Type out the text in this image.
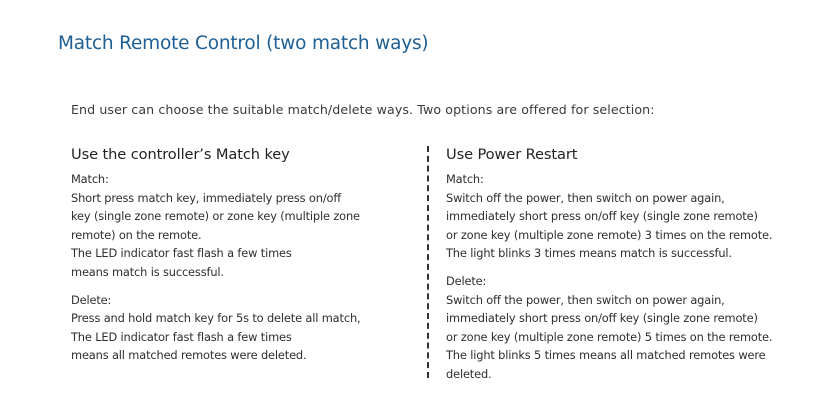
Match Remote Control (two match ways)
End user can choose the suitable match/delete ways. Two options are offered for selection:
Use the controller’s Match key
Match:
Short press match key, immediately press on/off
key (single zone remote) or zone key (multiple zone
remote) on the remote.
The LED indicator fast flash a few times
means match is successful.
Delete:
Press and hold match key for 5s to delete all match,
The LED indicator fast flash a few times
means all matched remotes were deleted.
Use Power Restart
Match:
Switch off the power, then switch on power again,
immediately short press on/off key (single zone remote)
or zone key (multiple zone remote) 3 times on the remote.
The light blinks 3 times means match is successful.
Delete:
Switch off the power, then switch on power again,
immediately short press on/off key (single zone remote)
or zone key (multiple zone remote) 5 times on the remote.
The light blinks 5 times means all matched remotes were
deleted.
